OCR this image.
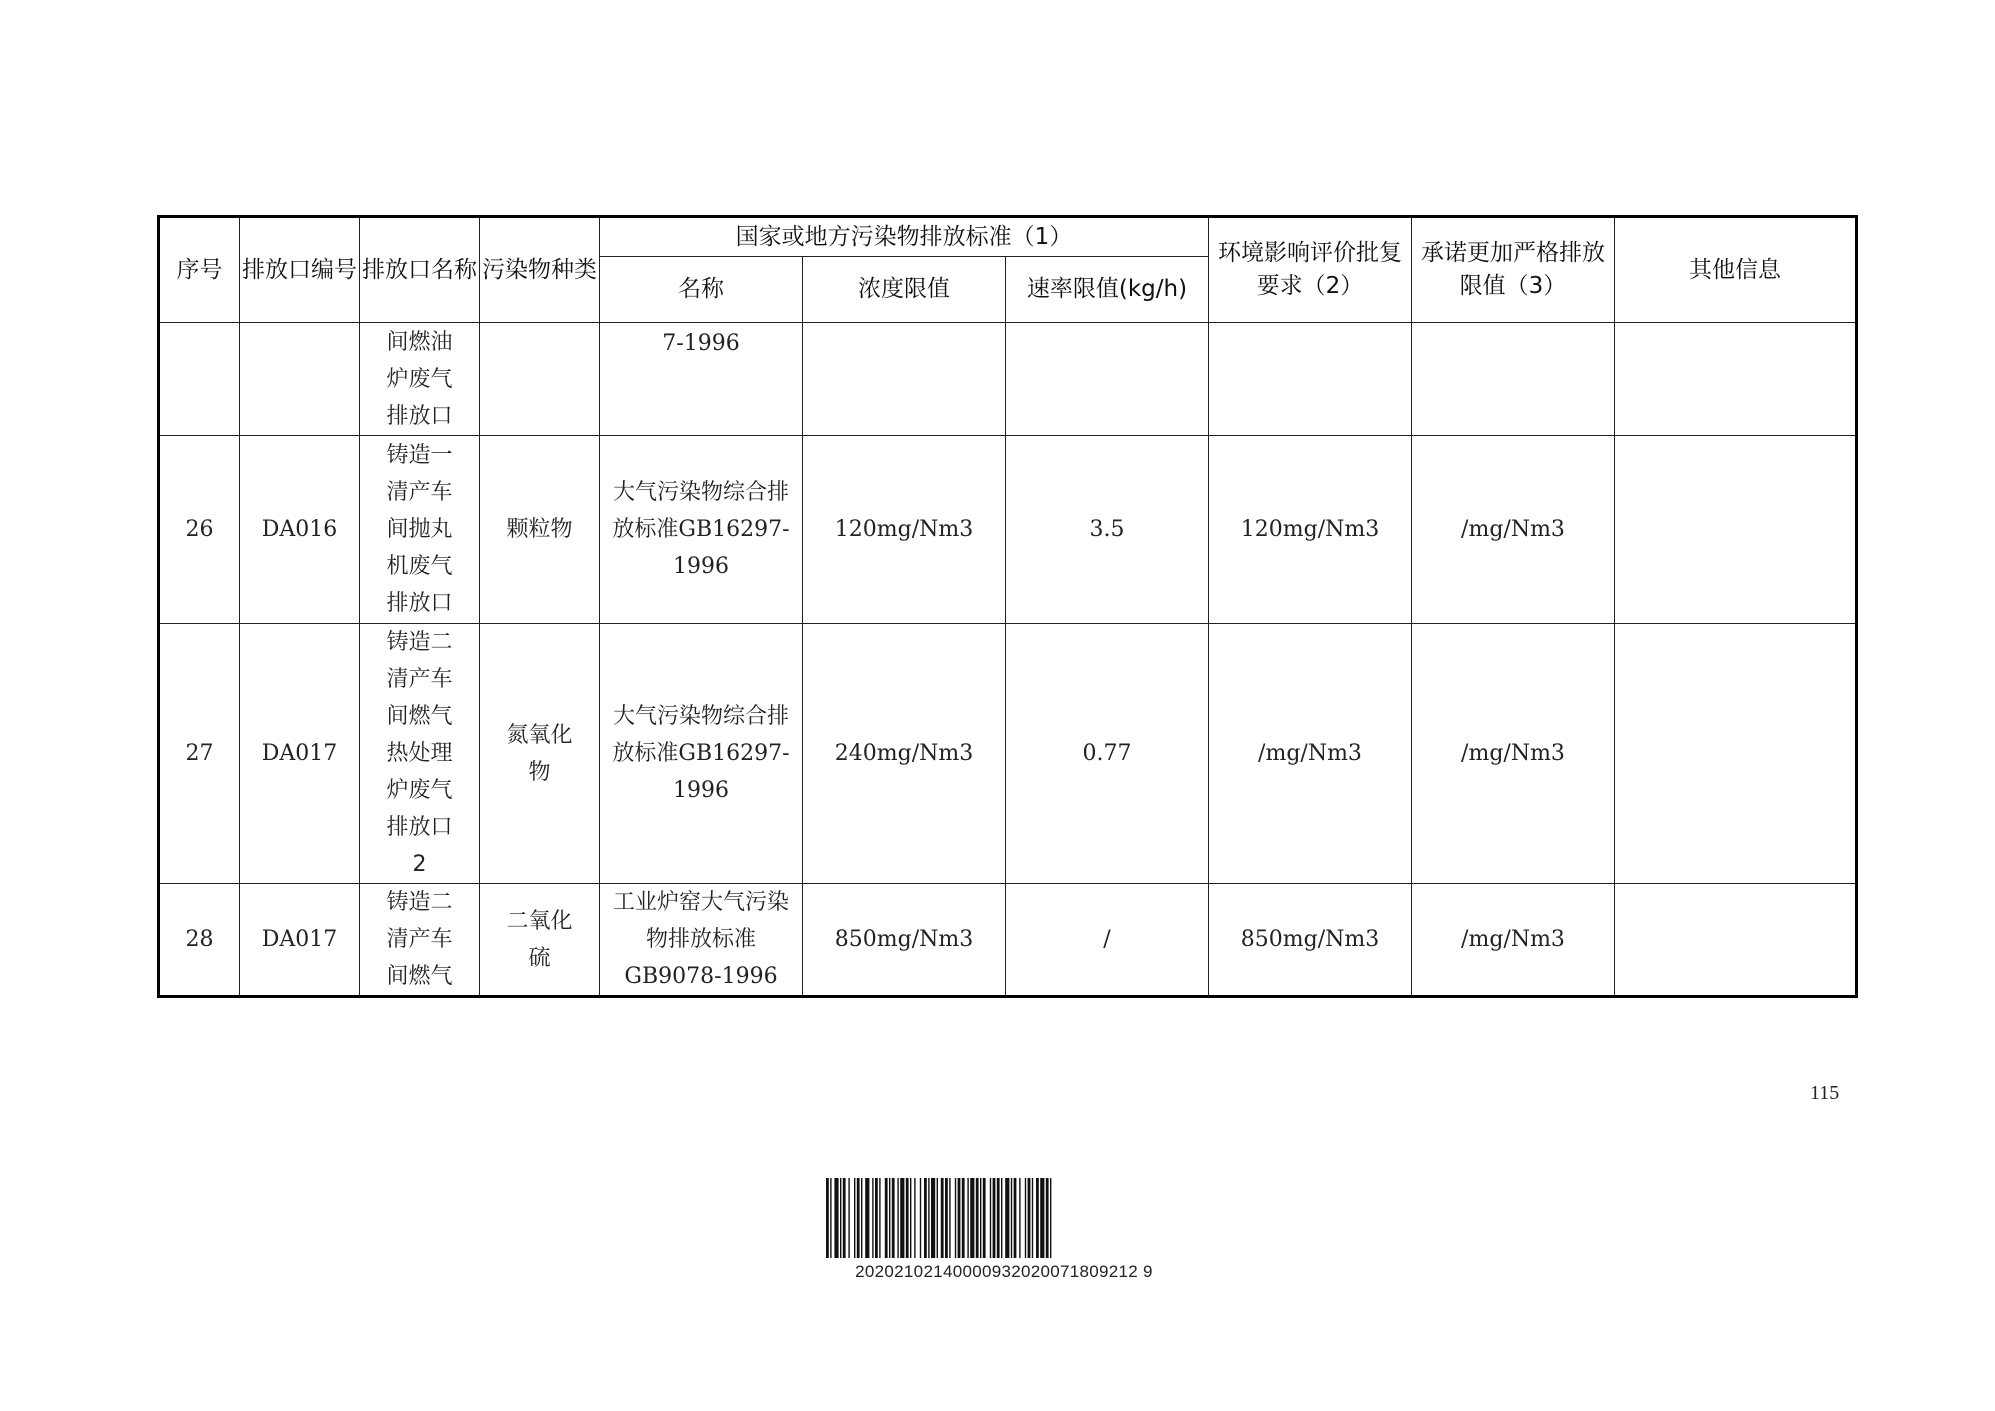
序号	排放口编号	排放口名称	污染物种类	国家或地方污染物排放标准（1）			环境影响评价批复要求（2）	承诺更加严格排放限值（3）	其他信息
				名称	浓度限值	速率限值(kg/h)			
		间燃油炉废气排放口		7-1996					
26	DA016	铸造一清产车间抛丸机废气排放口	颗粒物	大气污染物综合排放标准GB16297-1996	120mg/Nm3	3.5	120mg/Nm3	/mg/Nm3	
27	DA017	铸造二清产车间燃气热处理炉废气排放口2	氮氧化物	大气污染物综合排放标准GB16297-1996	240mg/Nm3	0.77	/mg/Nm3	/mg/Nm3	
28	DA017	铸造二清产车间燃气	二氧化硫	工业炉窑大气污染物排放标准GB9078-1996	850mg/Nm3	/	850mg/Nm3	/mg/Nm3	
115
20202102140000932020071809212 9
